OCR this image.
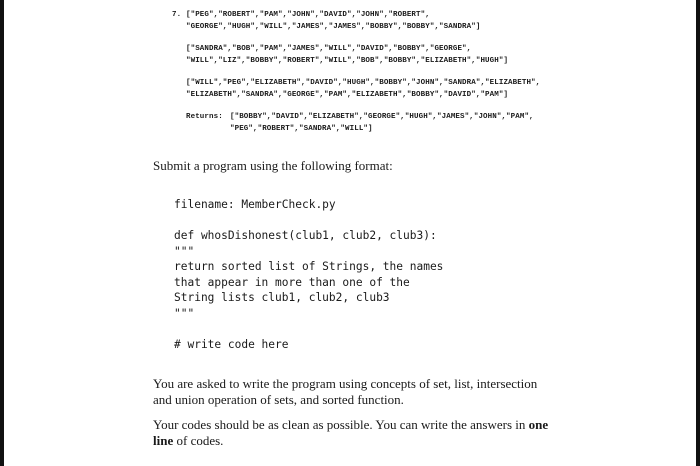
7. ["PEG","ROBERT","PAM","JOHN","DAVID","JOHN","ROBERT",
"GEORGE","HUGH","WILL","JAMES","JAMES","BOBBY","BOBBY","SANDRA"]
["SANDRA","BOB","PAM","JAMES","WILL","DAVID","BOBBY","GEORGE",
"WILL","LIZ","BOBBY","ROBERT","WILL","BOB","BOBBY","ELIZABETH","HUGH"]
["WILL","PEG","ELIZABETH","DAVID","HUGH","BOBBY","JOHN","SANDRA","ELIZABETH",
"ELIZABETH","SANDRA","GEORGE","PAM","ELIZABETH","BOBBY","DAVID","PAM"]
Returns: ["BOBBY","DAVID","ELIZABETH","GEORGE","HUGH","JAMES","JOHN","PAM",
"PEG","ROBERT","SANDRA","WILL"]
Submit a program using the following format:
filename: MemberCheck.py
def whosDishonest(club1, club2, club3):
"""
return sorted list of Strings, the names
that appear in more than one of the
String lists club1, club2, club3
"""
# write code here
You are asked to write the program using concepts of set, list, intersection
and union operation of sets, and sorted function.
Your codes should be as clean as possible. You can write the answers in one
line of codes.
